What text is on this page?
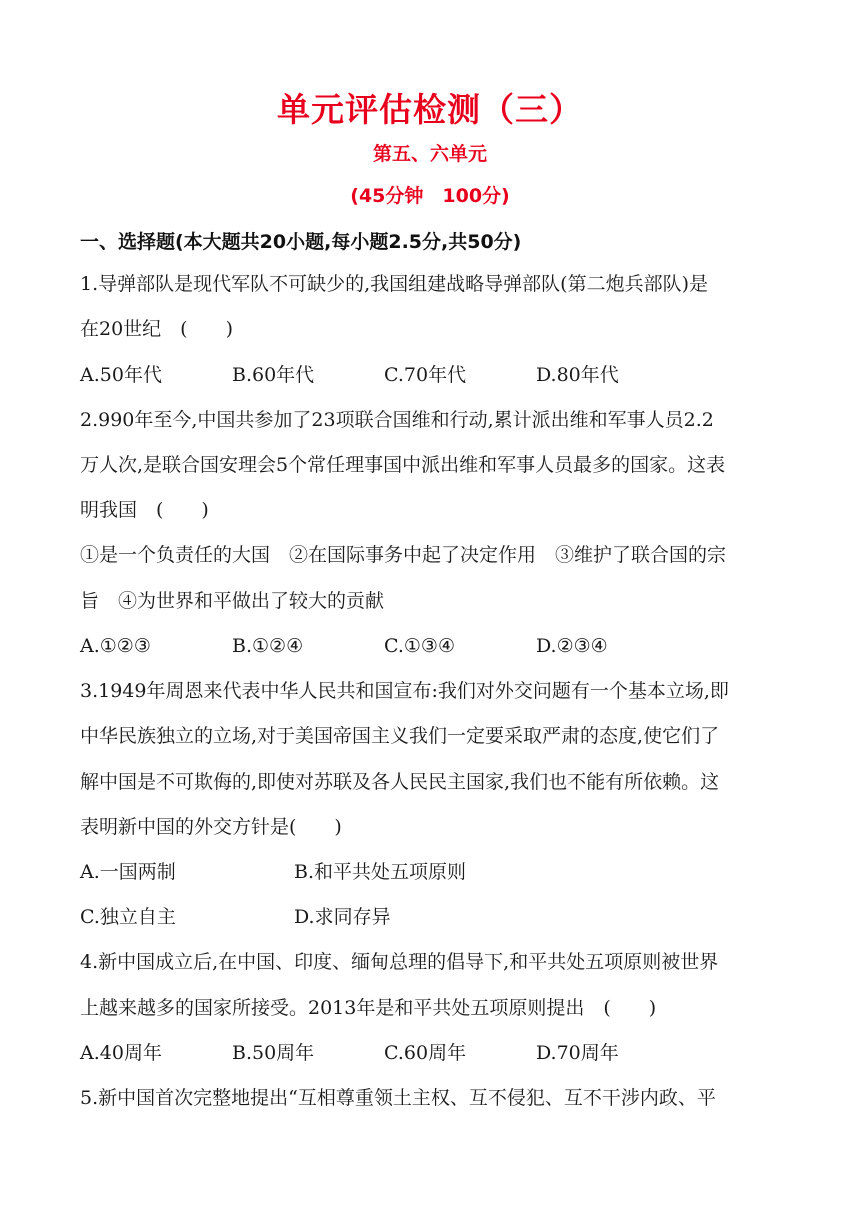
单元评估检测（三）
第五、六单元
(45分钟　100分)
一、选择题(本大题共20小题,每小题2.5分,共50分)
1.导弹部队是现代军队不可缺少的,我国组建战略导弹部队(第二炮兵部队)是
在20世纪　(　　)
A.50年代	B.60年代	C.70年代	D.80年代
2.990年至今,中国共参加了23项联合国维和行动,累计派出维和军事人员2.2
万人次,是联合国安理会5个常任理事国中派出维和军事人员最多的国家。这表
明我国　(　　)
①是一个负责任的大国　②在国际事务中起了决定作用　③维护了联合国的宗
旨　④为世界和平做出了较大的贡献
A.①②③	B.①②④	C.①③④	D.②③④
3.1949年周恩来代表中华人民共和国宣布:我们对外交问题有一个基本立场,即
中华民族独立的立场,对于美国帝国主义我们一定要采取严肃的态度,使它们了
解中国是不可欺侮的,即使对苏联及各人民民主国家,我们也不能有所依赖。这
表明新中国的外交方针是(　　)
A.一国两制	B.和平共处五项原则
C.独立自主	D.求同存异
4.新中国成立后,在中国、印度、缅甸总理的倡导下,和平共处五项原则被世界
上越来越多的国家所接受。2013年是和平共处五项原则提出　(　　)
A.40周年	B.50周年	C.60周年	D.70周年
5.新中国首次完整地提出“互相尊重领土主权、互不侵犯、互不干涉内政、平
